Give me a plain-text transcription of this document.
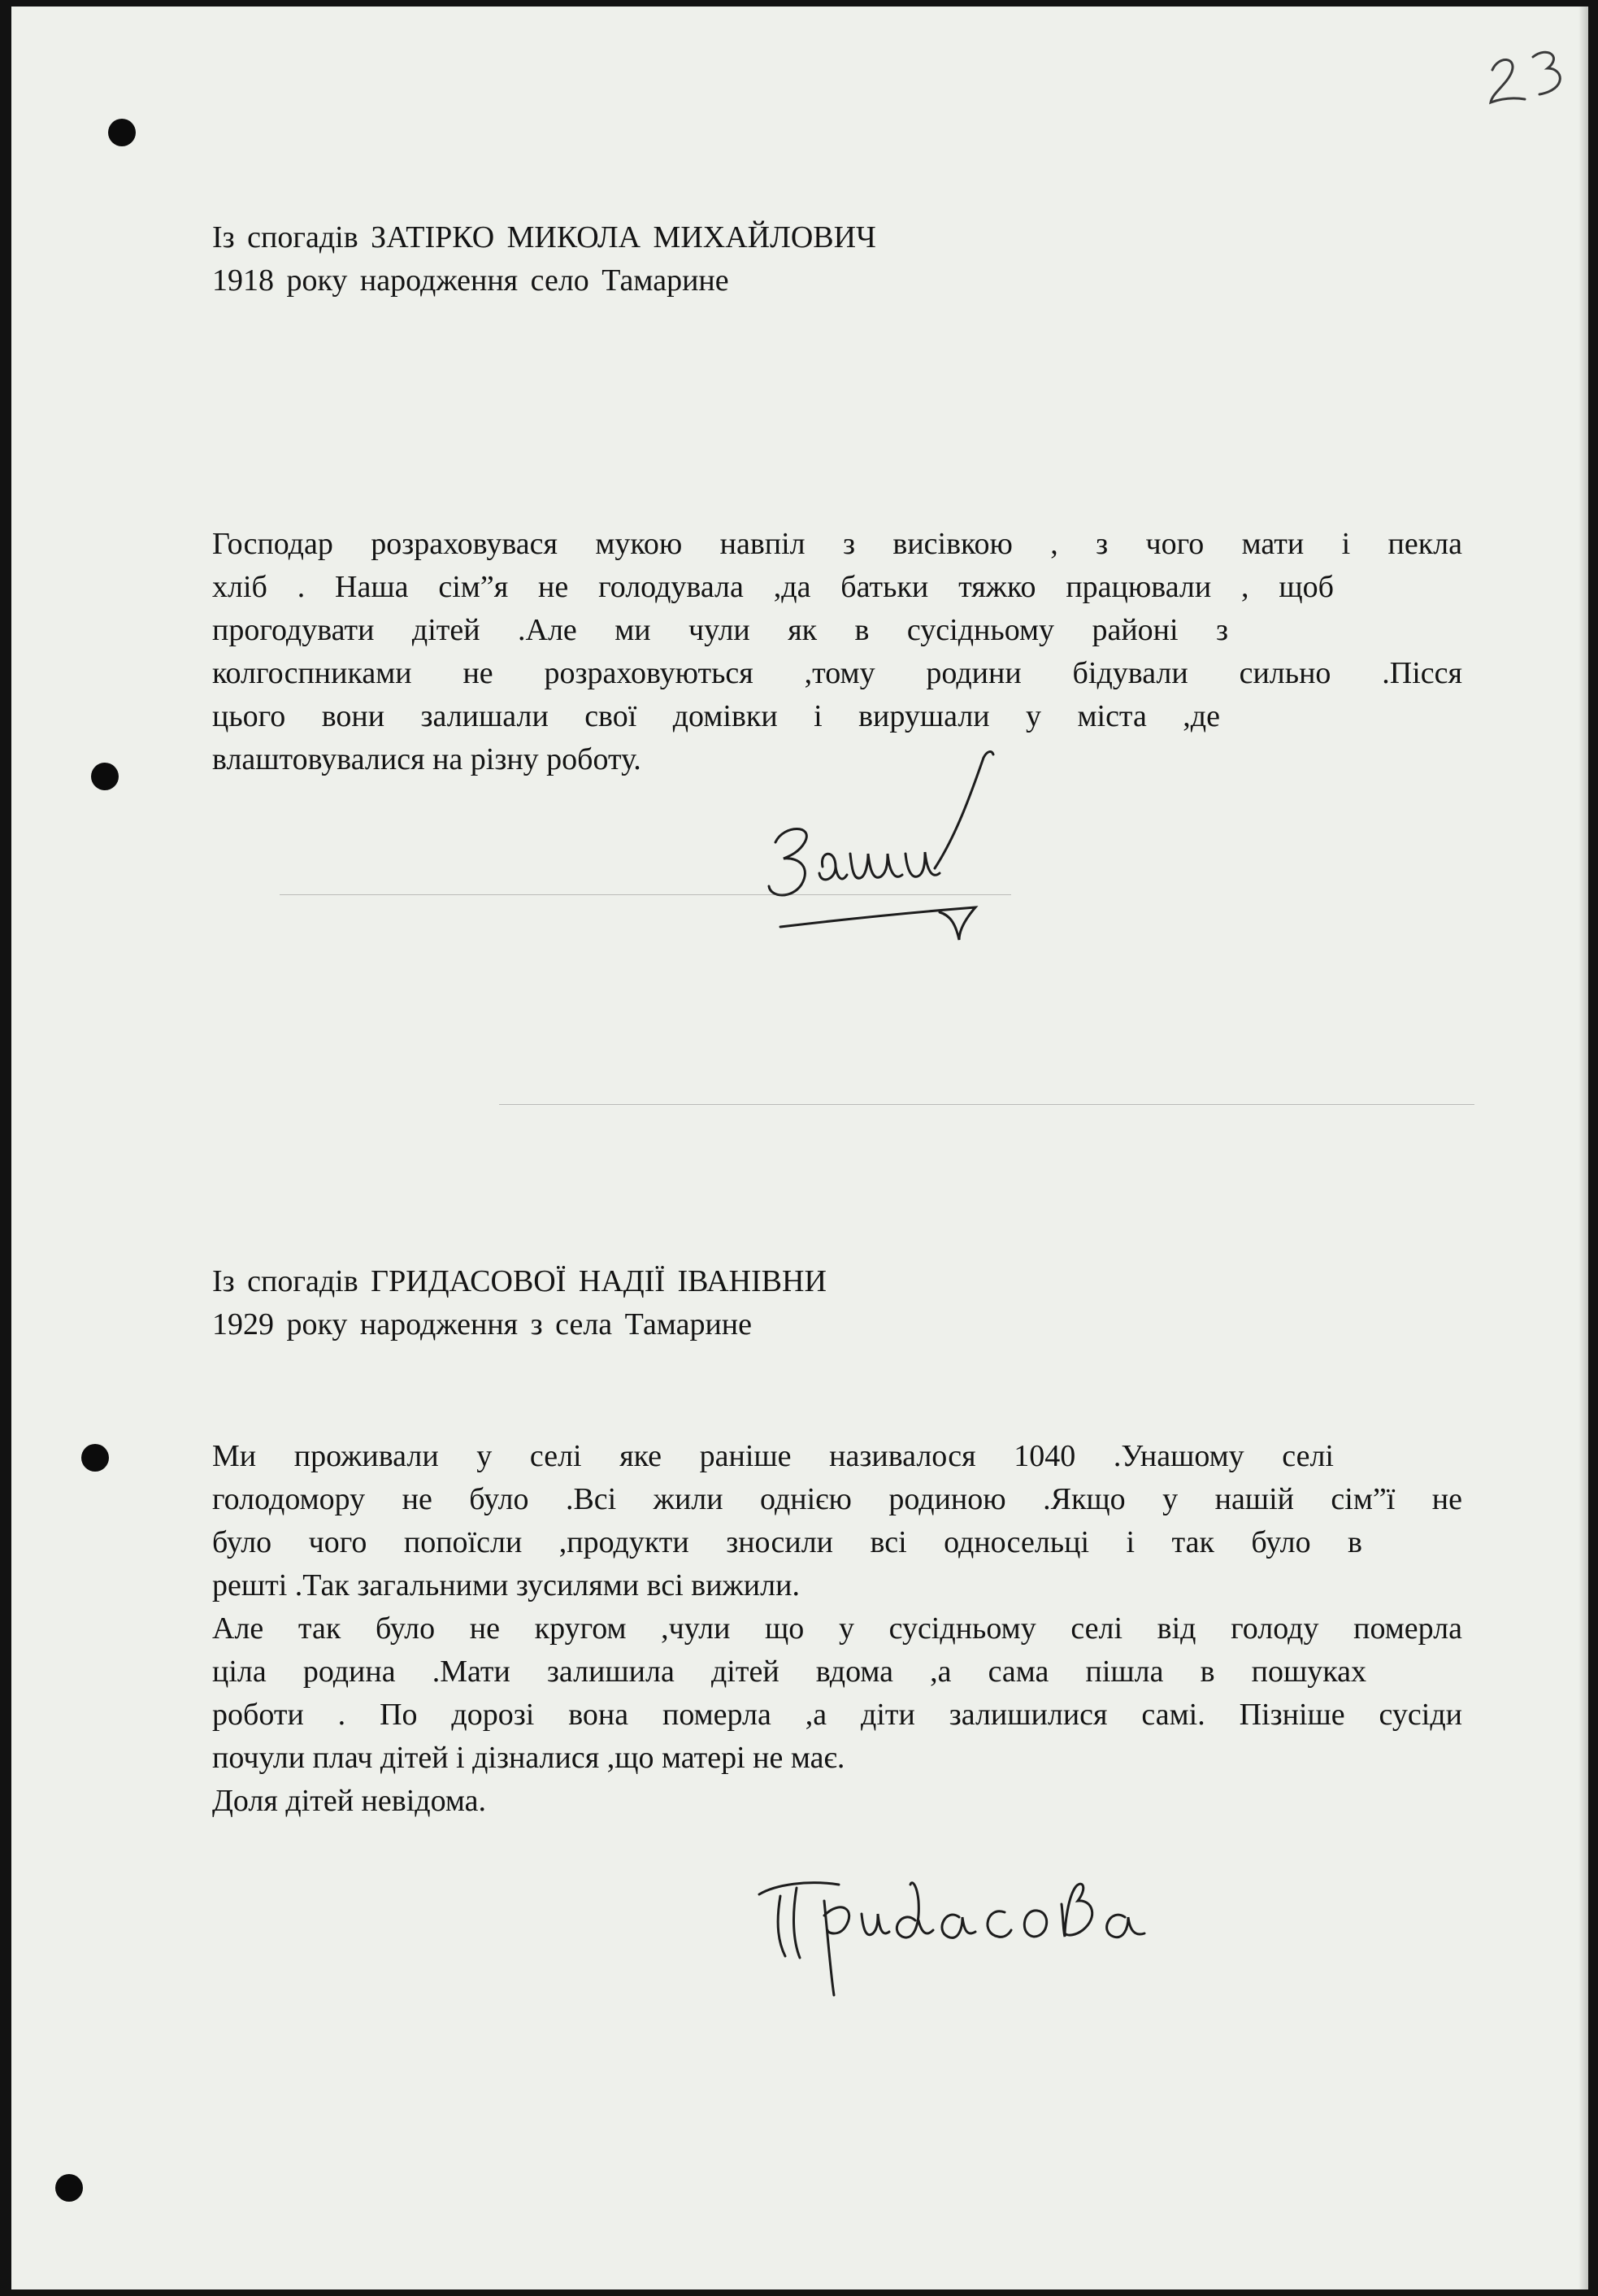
Із спогадів ЗАТІРКО МИКОЛА МИХАЙЛОВИЧ
1918 року народження село Тамарине
Господар розраховувася мукою навпіл з висівкою , з чого мати і пекла
хліб . Наша сім”я не голодувала ,да батьки тяжко працювали , щоб
прогодувати дітей .Але ми чули як в сусідньому районі з
колгоспниками не розраховуються ,тому родини бідували сильно .Пісся
цього вони залишали свої домівки і вирушали у міста ,де
влаштовувалися на різну роботу.
Із спогадів ГРИДАСОВОЇ НАДІЇ ІВАНІВНИ
1929 року народження з села Тамарине
Ми проживали у селі яке раніше називалося 1040 .Унашому селі
голодомору не було .Всі жили однією родиною .Якщо у нашій сім”ї не
було чого попоїсли ,продукти зносили всі односельці і так було в
решті .Так загальними зусилями всі вижили.
Але так було не кругом ,чули що у сусідньому селі від голоду померла
ціла родина .Мати залишила дітей вдома ,а сама пішла в пошуках
роботи . По дорозі вона померла ,а діти залишилися самі. Пізніше сусіди
почули плач дітей і дізналися ,що матері не має.
Доля дітей невідома.
